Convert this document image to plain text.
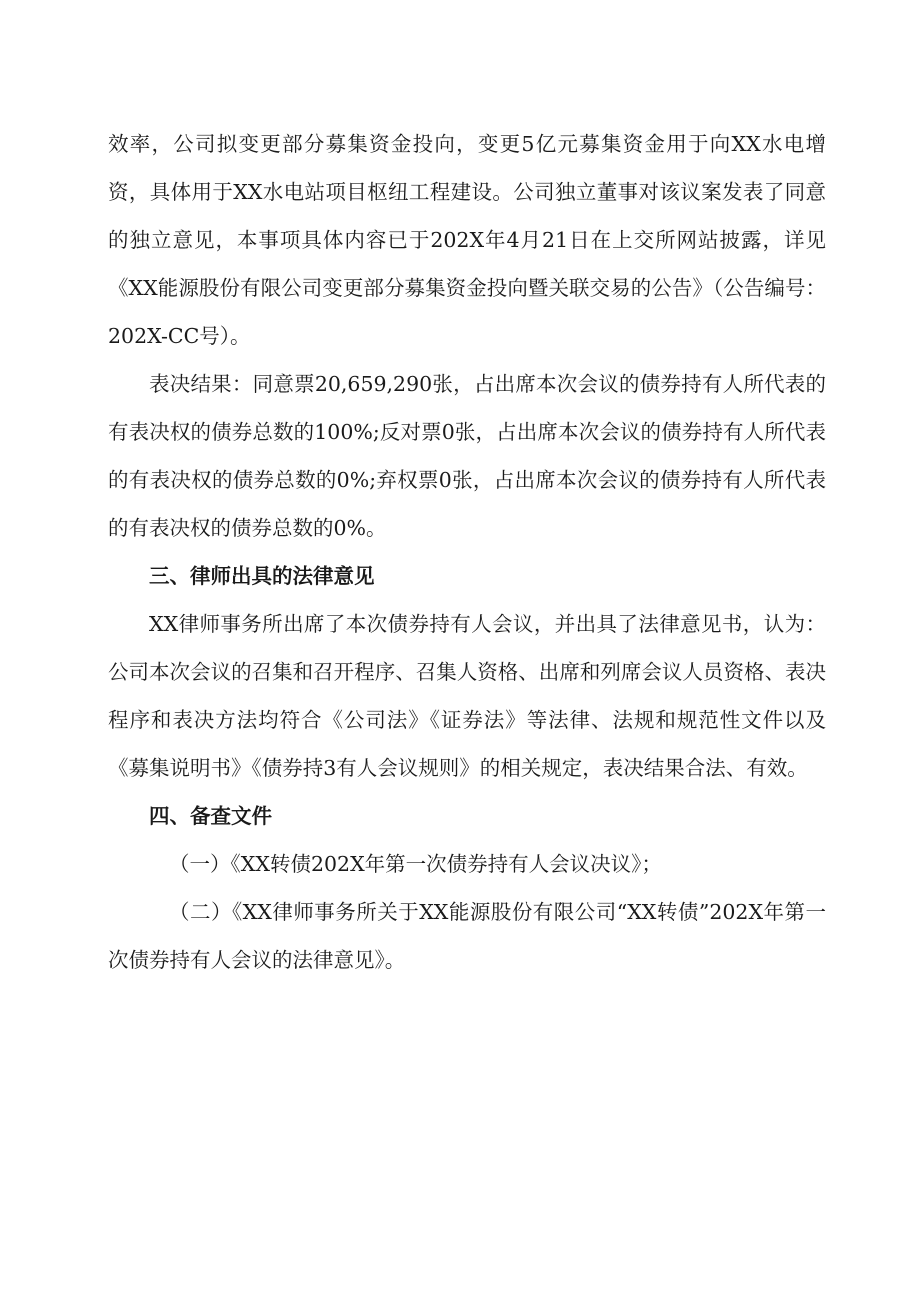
效率，公司拟变更部分募集资金投向，变更5亿元募集资金用于向XX水电增资，具体用于XX水电站项目枢纽工程建设。公司独立董事对该议案发表了同意的独立意见，本事项具体内容已于202X年4月21日在上交所网站披露，详见《XX能源股份有限公司变更部分募集资金投向暨关联交易的公告》（公告编号：202X-CC号）。

表决结果：同意票20,659,290张，占出席本次会议的债券持有人所代表的有表决权的债券总数的100%;反对票0张，占出席本次会议的债券持有人所代表的有表决权的债券总数的0%;弃权票0张，占出席本次会议的债券持有人所代表的有表决权的债券总数的0%。

三、律师出具的法律意见

XX律师事务所出席了本次债券持有人会议，并出具了法律意见书，认为：公司本次会议的召集和召开程序、召集人资格、出席和列席会议人员资格、表决程序和表决方法均符合《公司法》《证券法》等法律、法规和规范性文件以及《募集说明书》《债券持3有人会议规则》的相关规定，表决结果合法、有效。

四、备查文件

（一）《XX转债202X年第一次债券持有人会议决议》；

（二）《XX律师事务所关于XX能源股份有限公司“XX转债”202X年第一次债券持有人会议的法律意见》。
